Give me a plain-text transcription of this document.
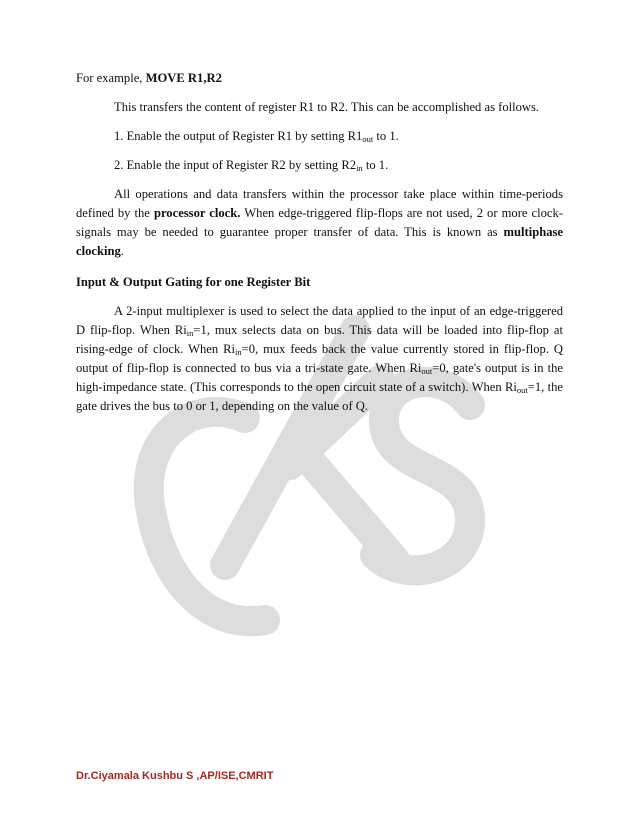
For example, MOVE R1,R2

This transfers the content of register R1 to R2. This can be accomplished as follows.

1. Enable the output of Register R1 by setting $R1_{out}$ to 1.

2. Enable the input of Register R2 by setting $R2_{in}$ to 1.

All operations and data transfers within the processor take place within time-periods defined by the processor clock. When edge-triggered flip-flops are not used, 2 or more clock-signals may be needed to guarantee proper transfer of data. This is known as multiphase clocking.

Input & Output Gating for one Register Bit

A 2-input multiplexer is used to select the data applied to the input of an edge-triggered D flip-flop. When $Ri_{in}=1$, mux selects data on bus. This data will be loaded into flip-flop at rising-edge of clock. When $Ri_{in}=0$, mux feeds back the value currently stored in flip-flop. Q output of flip-flop is connected to bus via a tri-state gate. When $Ri_{out}=0$, gate's output is in the high-impedance state. (This corresponds to the open circuit state of a switch). When $Ri_{out}=1$, the gate drives the bus to 0 or 1, depending on the value of Q.

Dr.Ciyamala Kushbu S ,AP/ISE,CMRIT
